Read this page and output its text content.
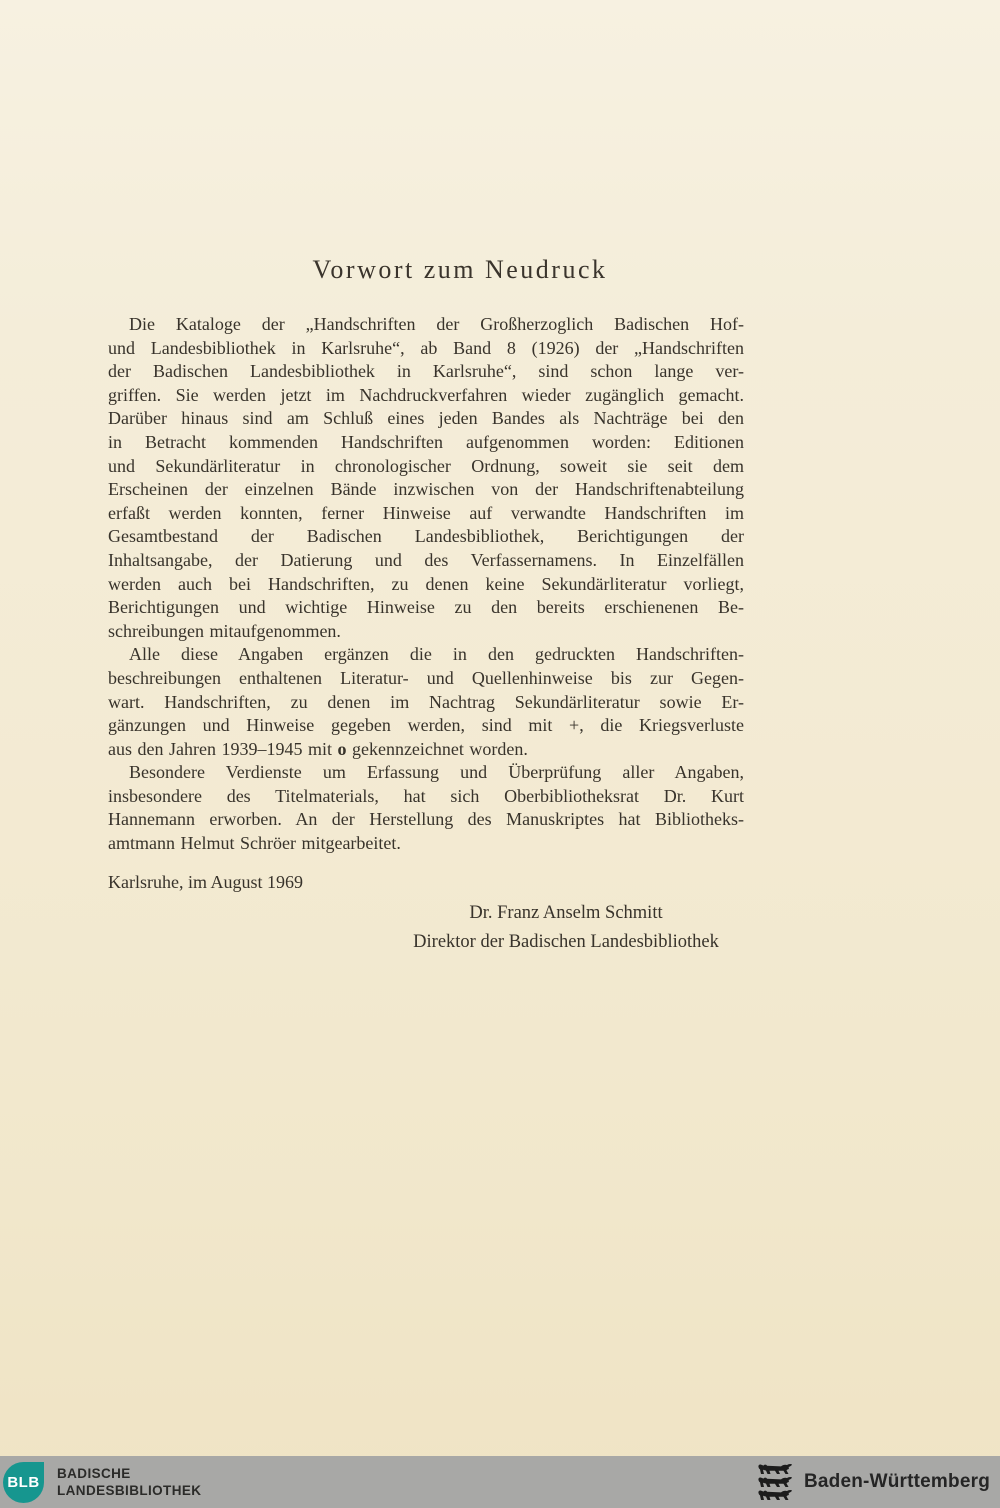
Vorwort zum Neudruck
Die Kataloge der „Handschriften der Großherzoglich Badischen Hof-
und Landesbibliothek in Karlsruhe“, ab Band 8 (1926) der „Handschriften
der Badischen Landesbibliothek in Karlsruhe“, sind schon lange ver-
griffen. Sie werden jetzt im Nachdruckverfahren wieder zugänglich gemacht.
Darüber hinaus sind am Schluß eines jeden Bandes als Nachträge bei den
in Betracht kommenden Handschriften aufgenommen worden: Editionen
und Sekundärliteratur in chronologischer Ordnung, soweit sie seit dem
Erscheinen der einzelnen Bände inzwischen von der Handschriftenabteilung
erfaßt werden konnten, ferner Hinweise auf verwandte Handschriften im
Gesamtbestand der Badischen Landesbibliothek, Berichtigungen der
Inhaltsangabe, der Datierung und des Verfassernamens. In Einzelfällen
werden auch bei Handschriften, zu denen keine Sekundärliteratur vorliegt,
Berichtigungen und wichtige Hinweise zu den bereits erschienenen Be-
schreibungen mitaufgenommen.
Alle diese Angaben ergänzen die in den gedruckten Handschriften-
beschreibungen enthaltenen Literatur- und Quellenhinweise bis zur Gegen-
wart. Handschriften, zu denen im Nachtrag Sekundärliteratur sowie Er-
gänzungen und Hinweise gegeben werden, sind mit +, die Kriegsverluste
aus den Jahren 1939–1945 mit o gekennzeichnet worden.
Besondere Verdienste um Erfassung und Überprüfung aller Angaben,
insbesondere des Titelmaterials, hat sich Oberbibliotheksrat Dr. Kurt
Hannemann erworben. An der Herstellung des Manuskriptes hat Bibliotheks-
amtmann Helmut Schröer mitgearbeitet.
Karlsruhe, im August 1969
Dr. Franz Anselm Schmitt
Direktor der Badischen Landesbibliothek
BLB BADISCHE
LANDESBIBLIOTHEK	Baden-Württemberg
